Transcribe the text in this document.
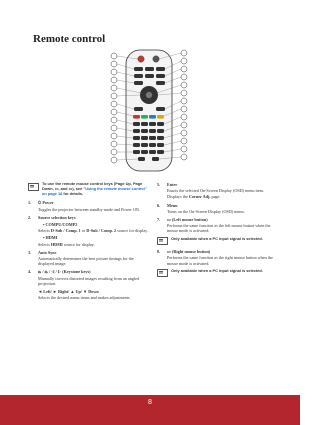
Remote control
To use the remote mouse control keys (Page Up, Page Down, ▭, and ▭), see "Using the remote mouse control" on page 18 for details.
1.	⏻ Power
Toggles the projector between standby mode and Power ON.
2.	Source selection keys
• COMPU/COMP2
Selects D-Sub / Comp. 1 or D-Sub / Comp. 2 source for display.
• HDMI
Selects HDMI source for display.
3.	Auto Sync
Automatically determines the best picture timings for the displayed image.
4.	⏢ / ⏢ / ◁ / ▷ (Keystone keys)
Manually corrects distorted images resulting from an angled projection.
◄ Left/ ► Right/ ▲ Up/ ▼ Down
Selects the desired menu items and makes adjustments.
5.	Enter
Enacts the selected On-Screen Display (OSD) menu item.
Displays the Corner Adj. page.
6.	Menu
Turns on the On-Screen Display (OSD) menu.
7.	▭ (Left mouse button)
Performs the same function as the left mouse button when the mouse mode is activated.
Only available when a PC input signal is selected.
8.	▭ (Right mouse button)
Performs the same function as the right mouse button when the mouse mode is activated.
Only available when a PC input signal is selected.
8
